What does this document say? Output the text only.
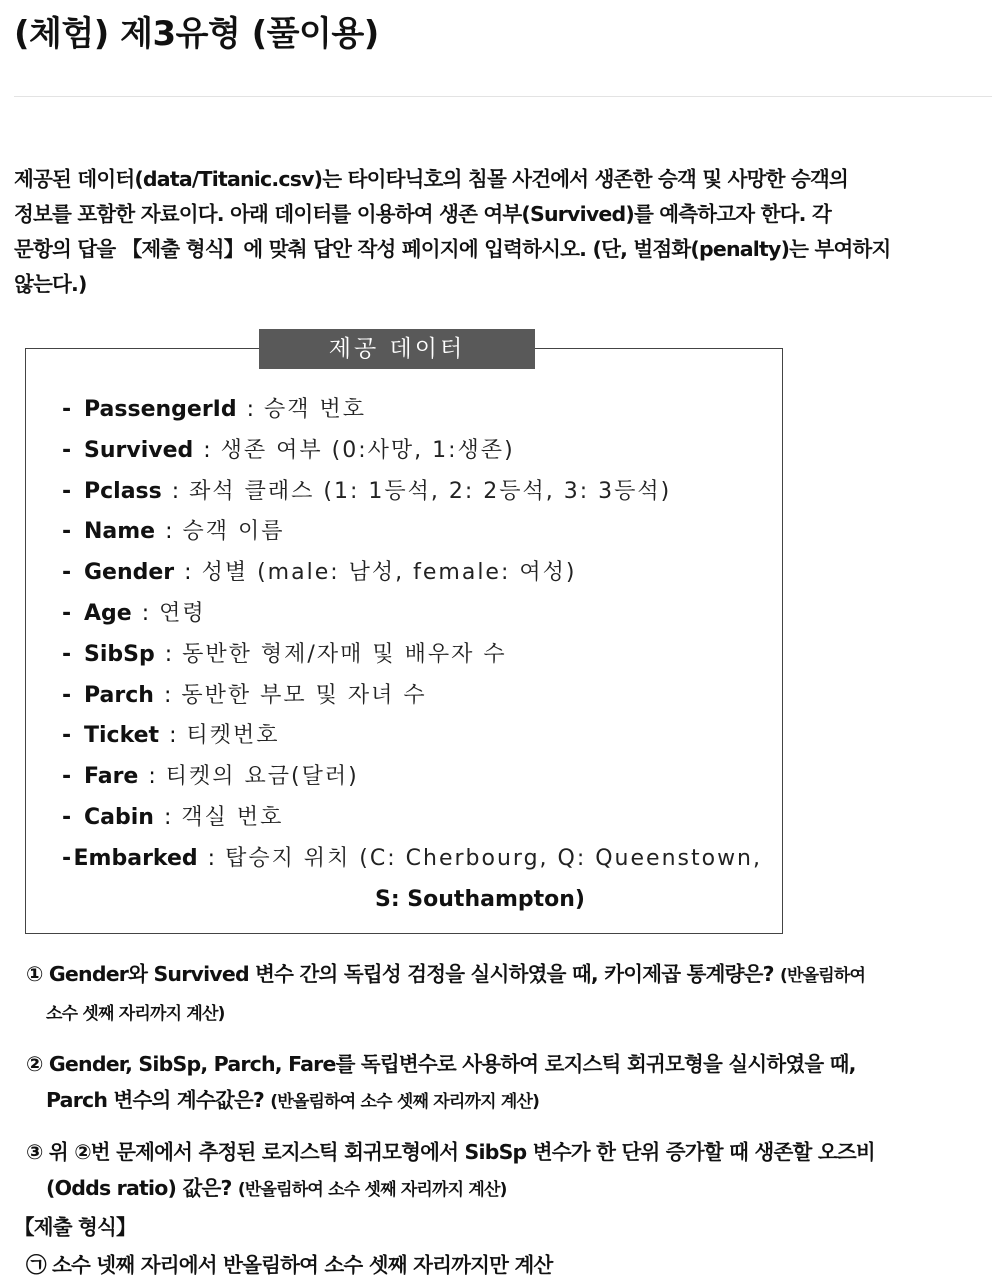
(체험) 제3유형 (풀이용)

제공된 데이터(data/Titanic.csv)는 타이타닉호의 침몰 사건에서 생존한 승객 및 사망한 승객의

정보를 포함한 자료이다. 아래 데이터를 이용하여 생존 여부(Survived)를 예측하고자 한다. 각

문항의 답을 【제출 형식】에 맞춰 답안 작성 페이지에 입력하시오. (단, 벌점화(penalty)는 부여하지

않는다.)

제공 데이터
- PassengerId : 승객 번호
- Survived : 생존 여부 (0:사망, 1:생존)
- Pclass : 좌석 클래스 (1: 1등석, 2: 2등석, 3: 3등석)
- Name : 승객 이름
- Gender : 성별 (male: 남성, female: 여성)
- Age : 연령
- SibSp : 동반한 형제/자매 및 배우자 수
- Parch : 동반한 부모 및 자녀 수
- Ticket : 티켓번호
- Fare : 티켓의 요금(달러)
- Cabin : 객실 번호
- Embarked : 탑승지 위치 (C: Cherbourg, Q: Queenstown,
S: Southampton)
① Gender와 Survived 변수 간의 독립성 검정을 실시하였을 때, 카이제곱 통계량은? (반올림하여
소수 셋째 자리까지 계산)
② Gender, SibSp, Parch, Fare를 독립변수로 사용하여 로지스틱 회귀모형을 실시하였을 때,
Parch 변수의 계수값은? (반올림하여 소수 셋째 자리까지 계산)
③ 위 ②번 문제에서 추정된 로지스틱 회귀모형에서 SibSp 변수가 한 단위 증가할 때 생존할 오즈비
(Odds ratio) 값은? (반올림하여 소수 셋째 자리까지 계산)
【제출 형식】
㉠ 소수 넷째 자리에서 반올림하여 소수 셋째 자리까지만 계산
